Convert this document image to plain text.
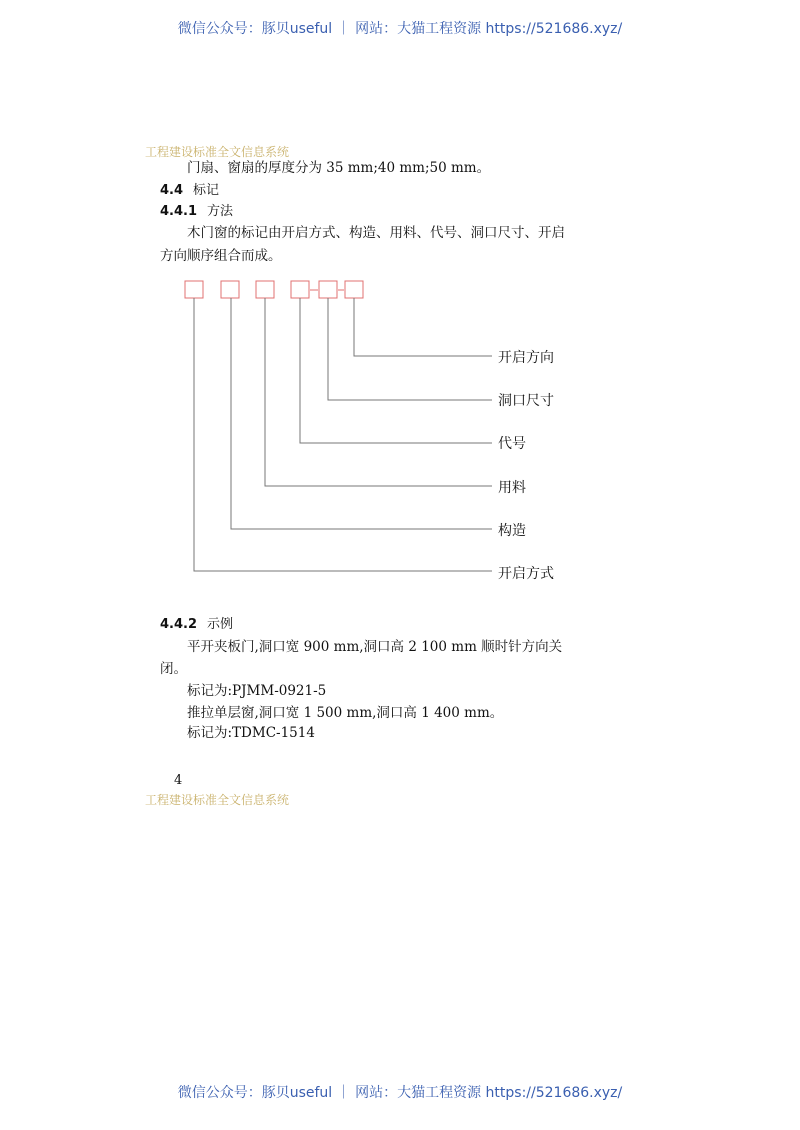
微信公众号：豚贝useful ｜ 网站：大猫工程资源 https://521686.xyz/
工程建设标准全文信息系统
门扇、窗扇的厚度分为 35 mm;40 mm;50 mm。
4.4 标记
4.4.1 方法
木门窗的标记由开启方式、构造、用料、代号、洞口尺寸、开启
方向顺序组合而成。
开启方向
洞口尺寸
代号
用料
构造
开启方式
4.4.2 示例
平开夹板门,洞口宽 900 mm,洞口高 2 100 mm 顺时针方向关
闭。
标记为:PJMM-0921-5
推拉单层窗,洞口宽 1 500 mm,洞口高 1 400 mm。
标记为:TDMC-1514
4
工程建设标准全文信息系统
微信公众号：豚贝useful ｜ 网站：大猫工程资源 https://521686.xyz/
